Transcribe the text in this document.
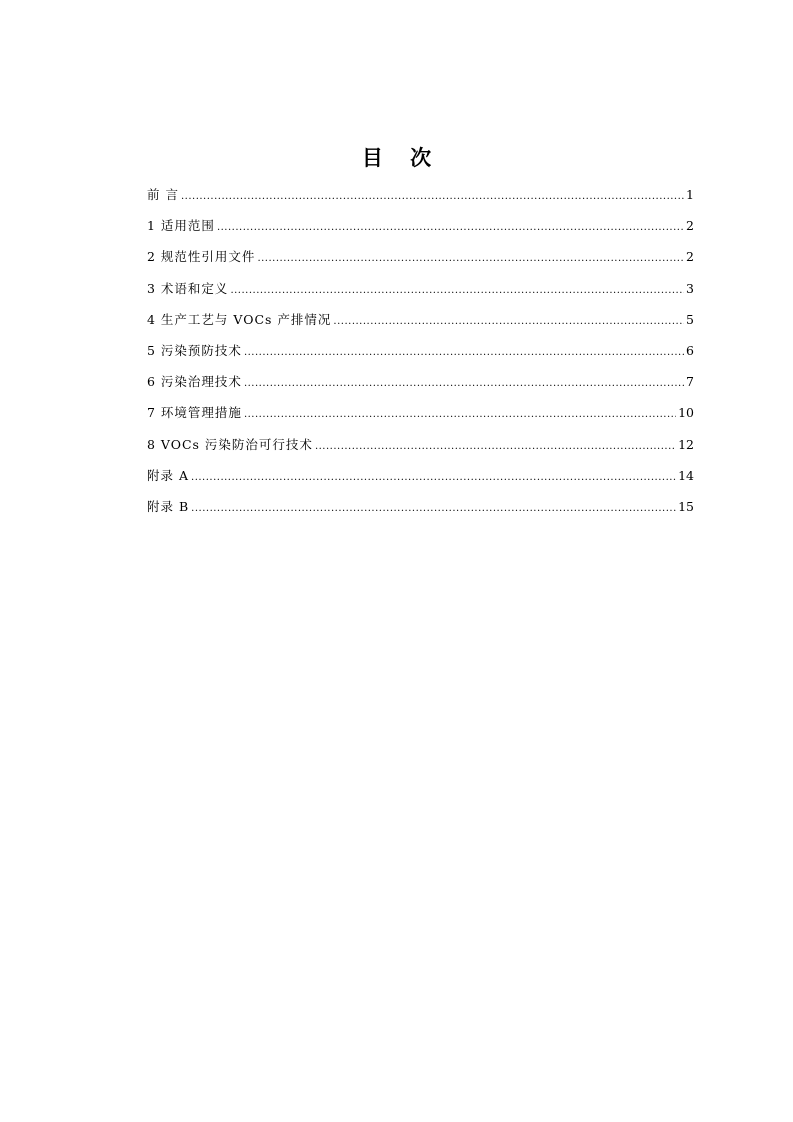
目 次
前 言 .....	1
1 适用范围 .....	2
2 规范性引用文件 .....	2
3 术语和定义 .....	3
4 生产工艺与 VOCs 产排情况 .....	5
5 污染预防技术 .....	6
6 污染治理技术 .....	7
7 环境管理措施 .....	10
8 VOCs 污染防治可行技术 .....	12
附录 A .....	14
附录 B .....	15
